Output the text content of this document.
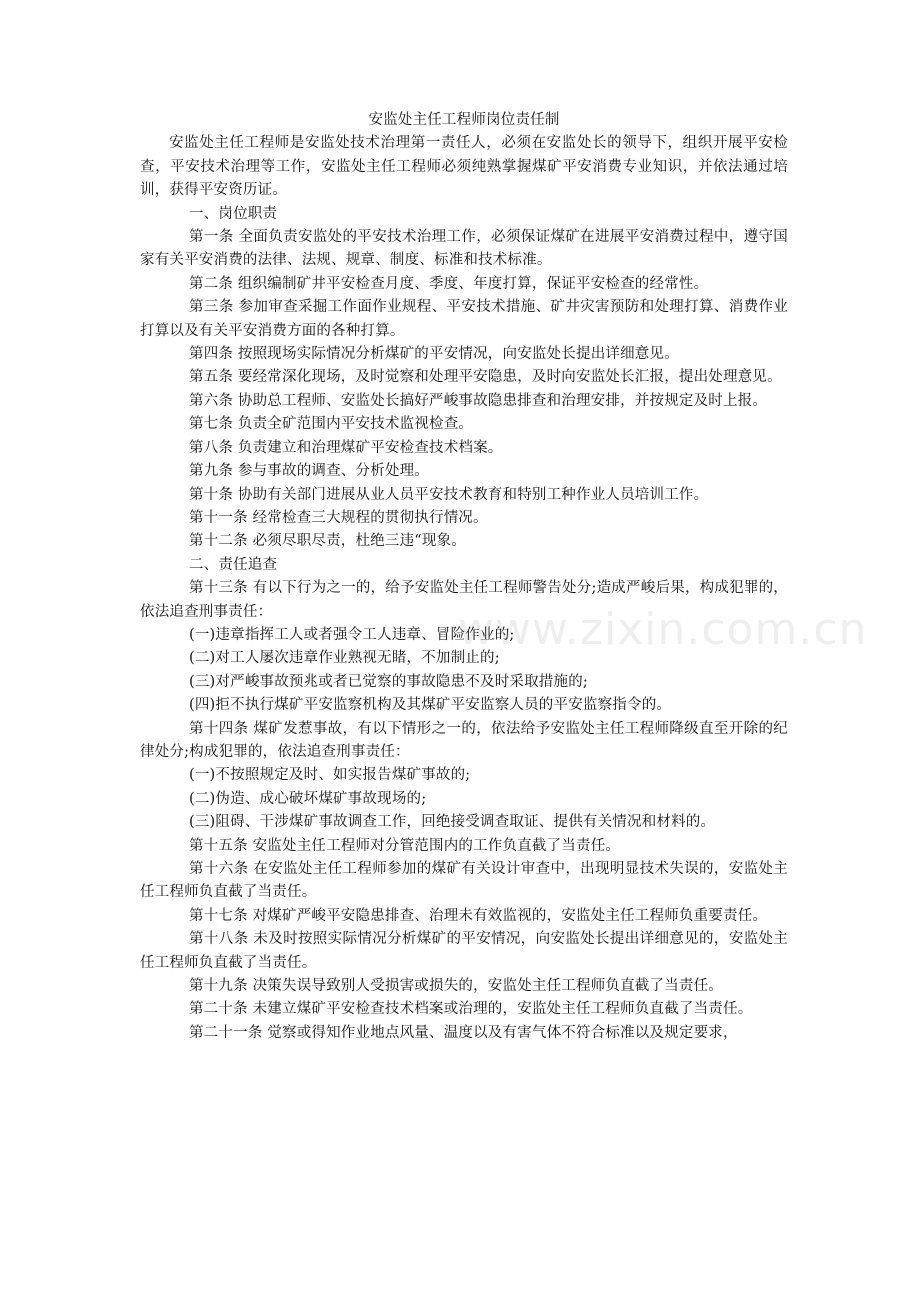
安监处主任工程师岗位责任制

安监处主任工程师是安监处技术治理第一责任人，必须在安监处长的领导下，组织开展平安检查，平安技术治理等工作，安监处主任工程师必须纯熟掌握煤矿平安消费专业知识，并依法通过培训，获得平安资历证。

一、岗位职责

第一条 全面负责安监处的平安技术治理工作，必须保证煤矿在进展平安消费过程中，遵守国家有关平安消费的法律、法规、规章、制度、标准和技术标准。

第二条 组织编制矿井平安检查月度、季度、年度打算，保证平安检查的经常性。

第三条 参加审查采掘工作面作业规程、平安技术措施、矿井灾害预防和处理打算、消费作业打算以及有关平安消费方面的各种打算。

第四条 按照现场实际情况分析煤矿的平安情况，向安监处长提出详细意见。

第五条 要经常深化现场，及时觉察和处理平安隐患，及时向安监处长汇报，提出处理意见。

第六条 协助总工程师、安监处长搞好严峻事故隐患排查和治理安排，并按规定及时上报。

第七条 负责全矿范围内平安技术监视检查。

第八条 负责建立和治理煤矿平安检查技术档案。

第九条 参与事故的调查、分析处理。

第十条 协助有关部门进展从业人员平安技术教育和特别工种作业人员培训工作。

第十一条 经常检查三大规程的贯彻执行情况。

第十二条 必须尽职尽责，杜绝三违“现象。

二、责任追查

第十三条 有以下行为之一的，给予安监处主任工程师警告处分;造成严峻后果，构成犯罪的，依法追查刑事责任：

(一)违章指挥工人或者强令工人违章、冒险作业的;

(二)对工人屡次违章作业熟视无睹，不加制止的;

(三)对严峻事故预兆或者已觉察的事故隐患不及时采取措施的;

(四)拒不执行煤矿平安监察机构及其煤矿平安监察人员的平安监察指令的。

第十四条 煤矿发惹事故，有以下情形之一的，依法给予安监处主任工程师降级直至开除的纪律处分;构成犯罪的，依法追查刑事责任：

(一)不按照规定及时、如实报告煤矿事故的;

(二)伪造、成心破坏煤矿事故现场的;

(三)阻碍、干涉煤矿事故调查工作，回绝接受调查取证、提供有关情况和材料的。

第十五条 安监处主任工程师对分管范围内的工作负直截了当责任。

第十六条 在安监处主任工程师参加的煤矿有关设计审查中，出现明显技术失误的，安监处主任工程师负直截了当责任。

第十七条 对煤矿严峻平安隐患排查、治理未有效监视的，安监处主任工程师负重要责任。

第十八条 未及时按照实际情况分析煤矿的平安情况，向安监处长提出详细意见的，安监处主任工程师负直截了当责任。

第十九条 决策失误导致别人受损害或损失的，安监处主任工程师负直截了当责任。

第二十条 未建立煤矿平安检查技术档案或治理的，安监处主任工程师负直截了当责任。

第二十一条 觉察或得知作业地点风量、温度以及有害气体不符合标准以及规定要求，

www.zixin.com.cn
